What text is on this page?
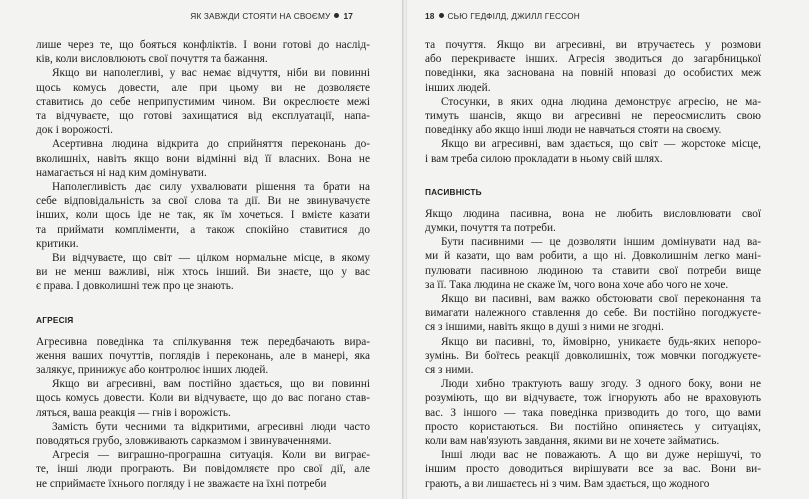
ЯК ЗАВЖДИ СТОЯТИ НА СВОЄМУ 17

лише через те, що бояться конфліктів. І вони готові до наслід-
ків, коли висловлюють свої почуття та бажання.

Якщо ви наполегливі, у вас немає відчуття, ніби ви повинні
щось комусь довести, але при цьому ви не дозволяєте
ставитись до себе неприпустимим чином. Ви окреслюєте межі
та відчуваєте, що готові захищатися від експлуатації, напа-
док і ворожості.

Асертивна людина відкрита до сприйняття переконань до-
вколишніх, навіть якщо вони відмінні від її власних. Вона не
намагається ні над ким домінувати.

Наполегливість дає силу ухвалювати рішення та брати на
себе відповідальність за свої слова та дії. Ви не звинувачуєте
інших, коли щось іде не так, як їм хочеться. І вмієте казати
та приймати компліменти, а також спокійно ставитися до
критики.

Ви відчуваєте, що світ — цілком нормальне місце, в якому
ви не менш важливі, ніж хтось інший. Ви знаєте, що у вас
є права. І довколишні теж про це знають.

АГРЕСІЯ

Агресивна поведінка та спілкування теж передбачають вира-
ження ваших почуттів, поглядів і переконань, але в манері, яка
залякує, принижує або контролює інших людей.

Якщо ви агресивні, вам постійно здається, що ви повинні
щось комусь довести. Коли ви відчуваєте, що до вас погано став-
ляться, ваша реакція — гнів і ворожість.

Замість бути чесними та відкритими, агресивні люди часто
поводяться грубо, зловживають сарказмом і звинуваченнями.

Агресія — виграшно-програшна ситуація. Коли ви виграє-
те, інші люди програють. Ви повідомляєте про свої дії, але
не сприймаєте їхнього погляду і не зважаєте на їхні потреби

18 СЬЮ ГЕДФІЛД, ДЖИЛЛ ГЕССОН

та почуття. Якщо ви агресивні, ви втручаєтесь у розмови
або перекриваєте інших. Агресія зводиться до загарбницької
поведінки, яка заснована на повній нповазі до особистих меж
інших людей.

Стосунки, в яких одна людина демонструє агресію, не ма-
тимуть шансів, якщо ви агресивні не переосмислить свою
поведінку або якщо інші люди не навчаться стояти на своєму.

Якщо ви агресивні, вам здається, що світ — жорстоке місце,
і вам треба силою прокладати в ньому свій шлях.

ПАСИВНІСТЬ

Якщо людина пасивна, вона не любить висловлювати свої
думки, почуття та потреби.

Бути пасивними — це дозволяти іншим домінувати над ва-
ми й казати, що вам робити, а що ні. Довколишнім легко мані-
пулювати пасивною людиною та ставити свої потреби вище
за її. Така людина не скаже їм, чого вона хоче або чого не хоче.

Якщо ви пасивні, вам важко обстоювати свої переконання та
вимагати належного ставлення до себе. Ви постійно погоджуєте-
ся з іншими, навіть якщо в душі з ними не згодні.

Якщо ви пасивні, то, ймовірно, уникаєте будь-яких непоро-
зумінь. Ви боїтесь реакції довколишніх, тож мовчки погоджуєте-
ся з ними.

Люди хибно трактують вашу згоду. З одного боку, вони не
розуміють, що ви відчуваєте, тож ігнорують або не враховують
вас. З іншого — така поведінка призводить до того, що вами
просто користаються. Ви постійно опиняєтесь у ситуаціях,
коли вам нав'язують завдання, якими ви не хочете займатись.

Інші люди вас не поважають. А що ви дуже нерішучі, то
іншим просто доводиться вирішувати все за вас. Вони ви-
грають, а ви лишаєтесь ні з чим. Вам здається, що жодного
